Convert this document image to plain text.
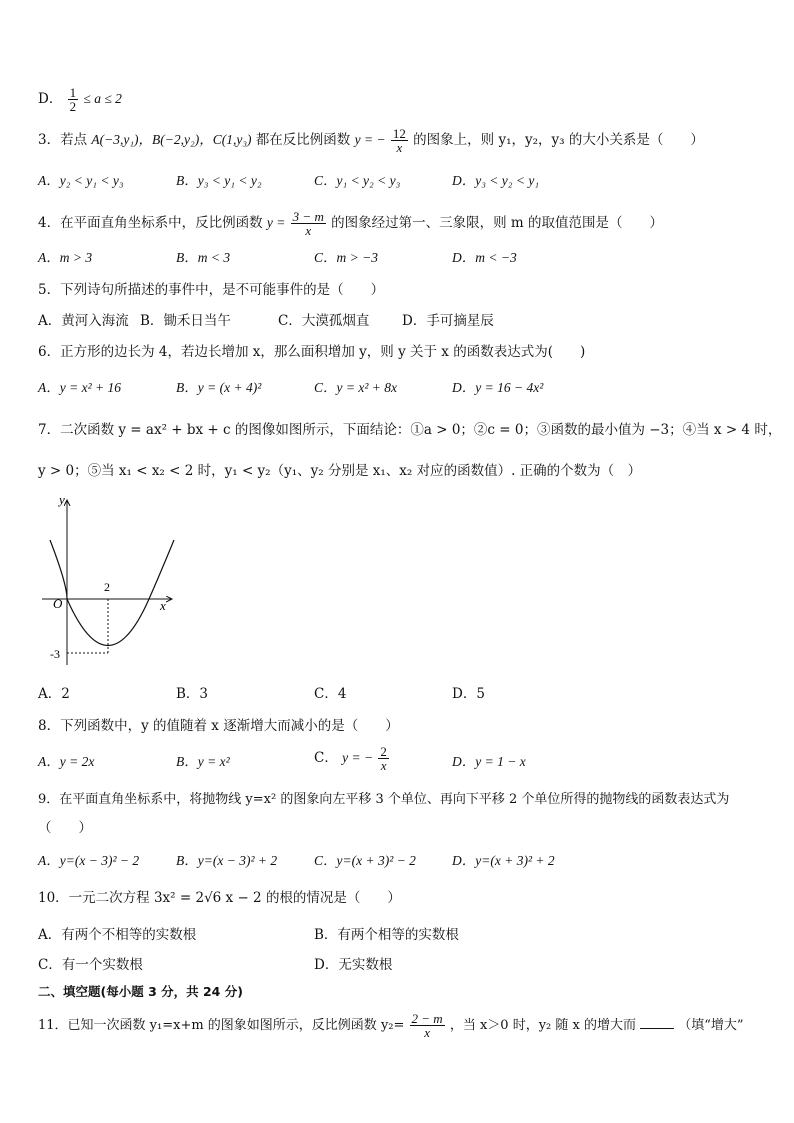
D． $\frac{1}{2} \le a \le 2$
3．若点 A(−3,y₁)，B(−2,y₂)，C(1,y₃) 都在反比例函数 y = − $\frac{12}{x}$ 的图象上，则 y₁，y₂，y₃ 的大小关系是（　　）
A．y₂ < y₁ < y₃	B．y₃ < y₁ < y₂	C．y₁ < y₂ < y₃	D．y₃ < y₂ < y₁
4．在平面直角坐标系中，反比例函数 $y = \frac{3 - m}{x}$ 的图象经过第一、三象限，则 m 的取值范围是（　　）
A．m > 3	B．m < 3	C．m > −3	D．m < −3
5．下列诗句所描述的事件中，是不可能事件的是（　　）
A．黄河入海流 B．锄禾日当午	C．大漠孤烟直 D．手可摘星辰
6．正方形的边长为 4，若边长增加 x，那么面积增加 y，则 y 关于 x 的函数表达式为(　　)
A．y = x² + 16	B．y = (x + 4)²	C．y = x² + 8x	D．y = 16 − 4x²
7．二次函数 y = ax² + bx + c 的图像如图所示，下面结论：①a > 0；②c = 0；③函数的最小值为 −3；④当 x > 4 时，
y > 0；⑤当 x₁ < x₂ < 2 时，y₁ < y₂（y₁、y₂ 分别是 x₁、x₂ 对应的函数值）. 正确的个数为（　）
y
x
O
2
-3
A．2	B．3	C．4	D．5
8．下列函数中，y 的值随着 x 逐渐增大而减小的是（　　）
A．y = 2x	B．y = x²	C． y = − $\frac{2}{x}$	D．y = 1 − x
9．在平面直角坐标系中，将抛物线 y=x² 的图象向左平移 3 个单位、再向下平移 2 个单位所得的抛物线的函数表达式为
（　　）
A．y=(x − 3)² − 2	B．y=(x − 3)² + 2	C．y=(x + 3)² − 2	D．y=(x + 3)² + 2
10．一元二次方程 3x² = 2√6 x − 2 的根的情况是（　　）
A．有两个不相等的实数根	B．有两个相等的实数根
C．有一个实数根	D．无实数根
二、填空题(每小题 3 分，共 24 分)
11．已知一次函数 y₁=x+m 的图象如图所示，反比例函数 $y_2= \frac{2 - m}{x}$ ，当 x＞0 时，y₂ 随 x 的增大而	（填“增大”
